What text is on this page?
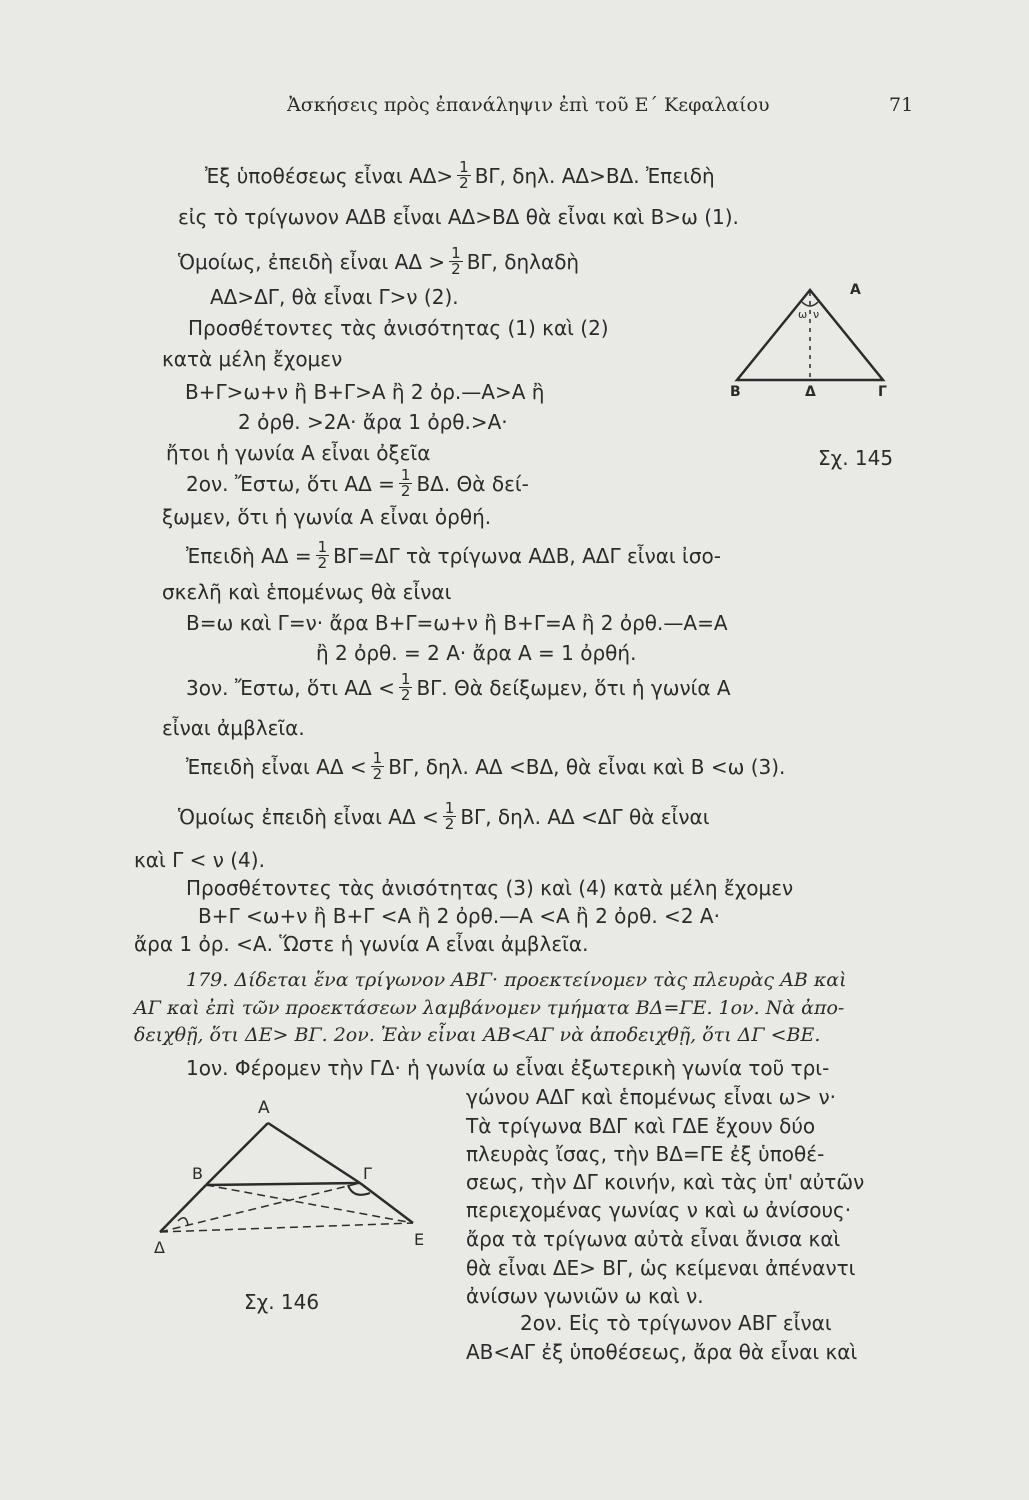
Ἀσκήσεις πρὸς ἐπανάληψιν ἐπὶ τοῦ Ε΄ Κεφαλαίου	71
Ἐξ ὑποθέσεως εἶναι $A\Delta> \frac{1}{2} B\Gamma$, δηλ. ΑΔ>ΒΔ. Ἐπειδὴ
εἰς τὸ τρίγωνον ΑΔΒ εἶναι ΑΔ>ΒΔ θὰ εἶναι καὶ Β>ω (1).
Ὁμοίως, ἐπειδὴ εἶναι $A\Delta > \frac{1}{2} B\Gamma$, δηλαδὴ
ΑΔ>ΔΓ, θὰ εἶναι Γ>ν (2).
Προσθέτοντες τὰς ἀνισότητας (1) καὶ (2)
κατὰ μέλη ἔχομεν
Β+Γ>ω+ν ἢ Β+Γ>Α ἢ 2 ὀρ.—Α>Α ἢ
2 ὀρθ. >2Α· ἄρα 1 ὀρθ.>Α·
ἤτοι ἡ γωνία Α εἶναι ὀξεῖα
2ον. Ἔστω, ὅτι $A\Delta = \frac{1}{2} B\Delta$. Θὰ δεί-
ξωμεν, ὅτι ἡ γωνία Α εἶναι ὀρθή.
Ἐπειδὴ $A\Delta = \frac{1}{2} B\Gamma=\Delta\Gamma$ τὰ τρίγωνα ΑΔΒ, ΑΔΓ εἶναι ἰσο-
σκελῆ καὶ ἑπομένως θὰ εἶναι
Β=ω καὶ Γ=ν· ἄρα Β+Γ=ω+ν ἢ Β+Γ=Α ἢ 2 ὀρθ.—Α=Α
ἢ 2 ὀρθ. = 2 Α· ἄρα Α = 1 ὀρθή.
3ον. Ἔστω, ὅτι $A\Delta < \frac{1}{2} B\Gamma$. Θὰ δείξωμεν, ὅτι ἡ γωνία Α
εἶναι ἀμβλεῖα.
Ἐπειδὴ εἶναι $A\Delta < \frac{1}{2} B\Gamma$, δηλ. ΑΔ <ΒΔ, θὰ εἶναι καὶ Β <ω (3).
Ὁμοίως ἐπειδὴ εἶναι $A\Delta < \frac{1}{2} B\Gamma$, δηλ. ΑΔ <ΔΓ θὰ εἶναι
καὶ Γ < ν (4).
Προσθέτοντες τὰς ἀνισότητας (3) καὶ (4) κατὰ μέλη ἔχομεν
Β+Γ <ω+ν ἢ Β+Γ <Α ἢ 2 ὀρθ.—Α <Α ἢ 2 ὀρθ. <2 Α·
ἄρα 1 ὀρ. <Α. Ὥστε ἡ γωνία Α εἶναι ἀμβλεῖα.
179. Δίδεται ἕνα τρίγωνον ΑΒΓ· προεκτείνομεν τὰς πλευρὰς ΑΒ καὶ
ΑΓ καὶ ἐπὶ τῶν προεκτάσεων λαμβάνομεν τμήματα ΒΔ=ΓΕ. 1ον. Νὰ ἀπο-
δειχθῇ, ὅτι ΔΕ> ΒΓ. 2ον. Ἐὰν εἶναι ΑΒ<ΑΓ νὰ ἀποδειχθῇ, ὅτι ΔΓ <ΒΕ.
1ον. Φέρομεν τὴν ΓΔ· ἡ γωνία ω εἶναι ἐξωτερικὴ γωνία τοῦ τρι-
γώνου ΑΔΓ καὶ ἑπομένως εἶναι ω> ν·
Τὰ τρίγωνα ΒΔΓ καὶ ΓΔΕ ἔχουν δύο
πλευρὰς ἴσας, τὴν ΒΔ=ΓΕ ἐξ ὑποθέ-
σεως, τὴν ΔΓ κοινήν, καὶ τὰς ὑπ' αὐτῶν
περιεχομένας γωνίας ν καὶ ω ἀνίσους·
ἄρα τὰ τρίγωνα αὐτὰ εἶναι ἄνισα καὶ
θὰ εἶναι ΔΕ> ΒΓ, ὡς κείμεναι ἀπέναντι
ἀνίσων γωνιῶν ω καὶ ν.
2ον. Εἰς τὸ τρίγωνον ΑΒΓ εἶναι
ΑΒ<ΑΓ ἐξ ὑποθέσεως, ἄρα θὰ εἶναι καὶ
Α
Β	Δ	Γ
ω ν
Σχ. 145
Α
Β	Γ
Δ	Ε
Σχ. 146
